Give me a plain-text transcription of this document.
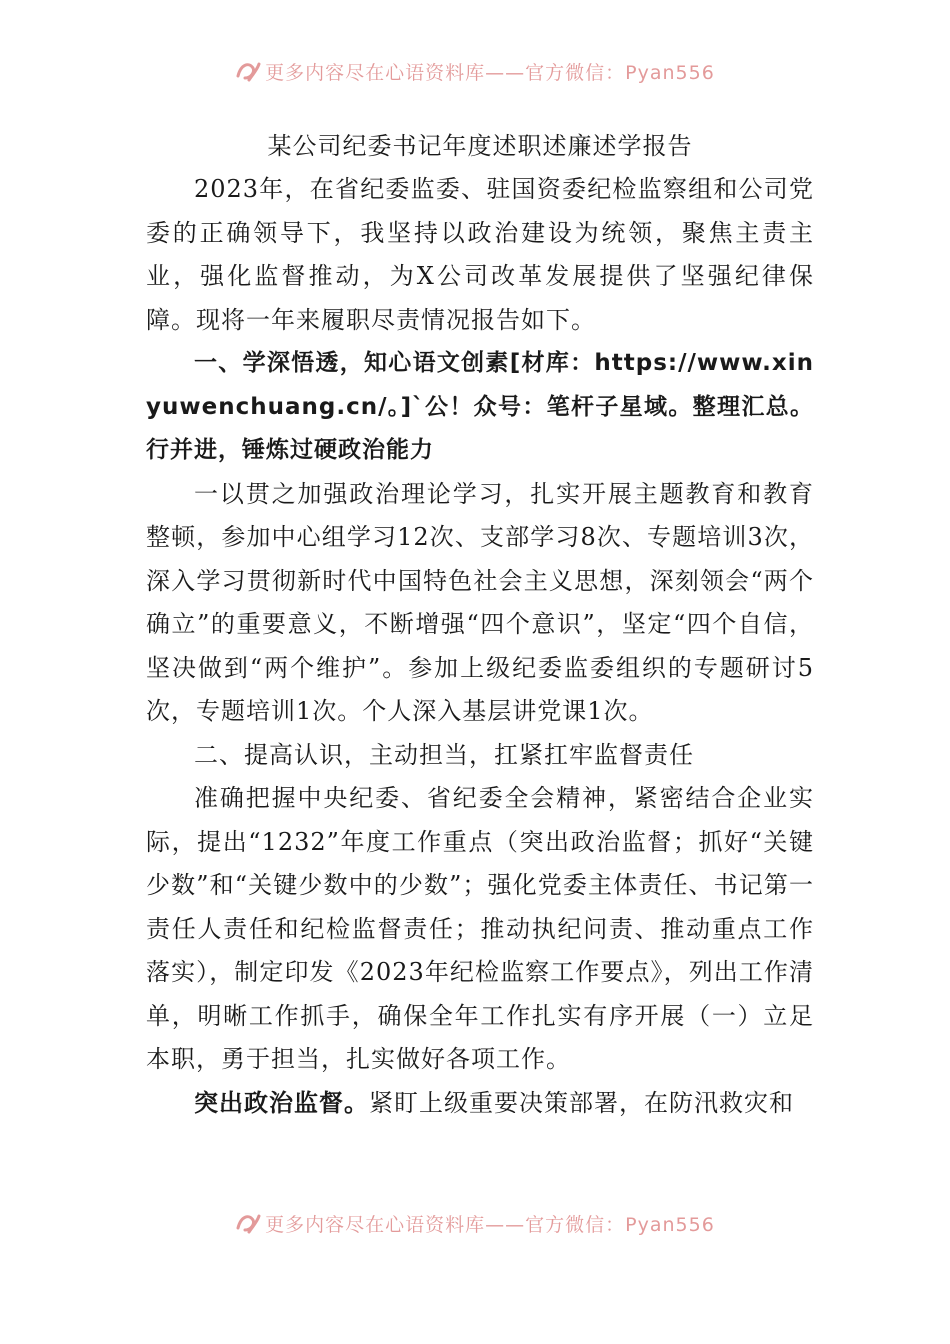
更多内容尽在心语资料库——官方微信：Pyan556
某公司纪委书记年度述职述廉述学报告

2023年，在省纪委监委、驻国资委纪检监察组和公司党委的正确领导下，我坚持以政治建设为统领，聚焦主责主业，强化监督推动，为X公司改革发展提供了坚强纪律保障。现将一年来履职尽责情况报告如下。

一、学深悟透，知心语文创素[材库：https://www.xinyuwenchuang.cn/。]`公！众号：笔杆子星域。整理汇总。行并进，锤炼过硬政治能力

一以贯之加强政治理论学习，扎实开展主题教育和教育整顿，参加中心组学习12次、支部学习8次、专题培训3次，深入学习贯彻新时代中国特色社会主义思想，深刻领会“两个确立”的重要意义，不断增强“四个意识”，坚定“四个自信，坚决做到“两个维护”。参加上级纪委监委组织的专题研讨5次，专题培训1次。个人深入基层讲党课1次。

二、提高认识，主动担当，扛紧扛牢监督责任

准确把握中央纪委、省纪委全会精神，紧密结合企业实际，提出“1232”年度工作重点（突出政治监督；抓好“关键少数”和“关键少数中的少数”；强化党委主体责任、书记第一责任人责任和纪检监督责任；推动执纪问责、推动重点工作落实），制定印发《2023年纪检监察工作要点》，列出工作清单，明晰工作抓手，确保全年工作扎实有序开展（一）立足本职，勇于担当，扎实做好各项工作。

突出政治监督。紧盯上级重要决策部署，在防汛救灾和

更多内容尽在心语资料库——官方微信：Pyan556
